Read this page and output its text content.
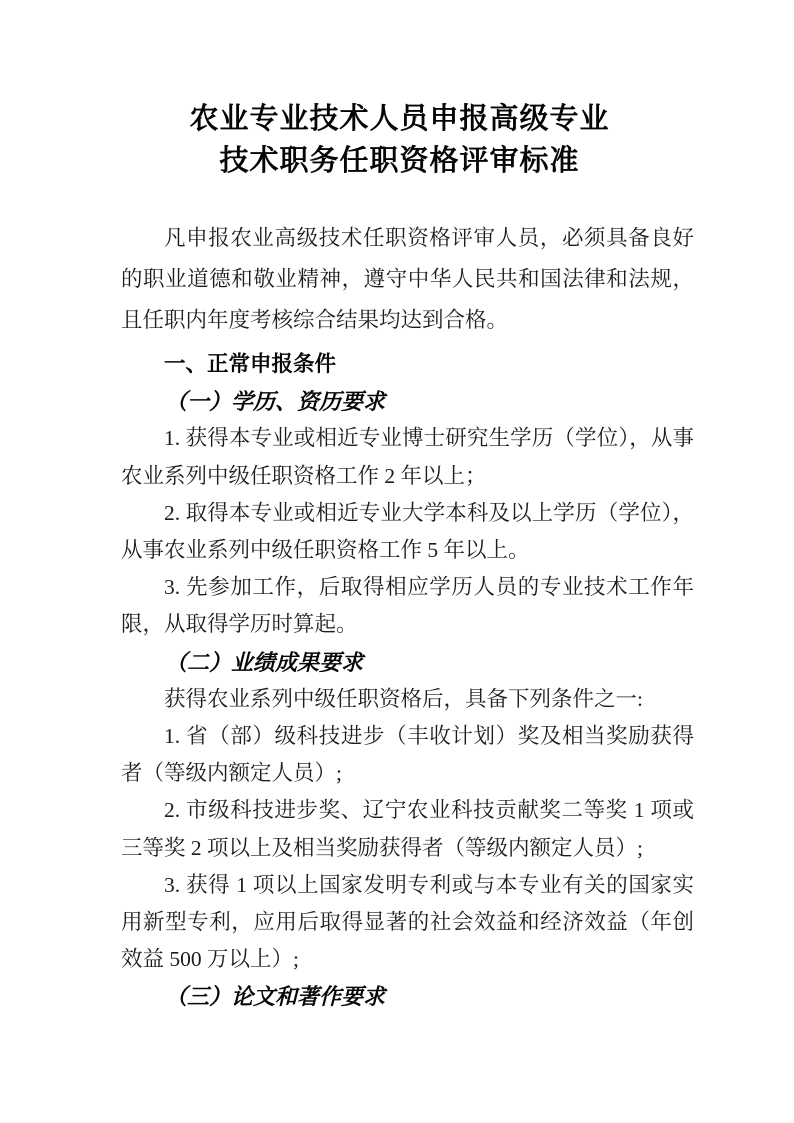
农业专业技术人员申报高级专业
技术职务任职资格评审标准
凡申报农业高级技术任职资格评审人员，必须具备良好的职业道德和敬业精神，遵守中华人民共和国法律和法规，且任职内年度考核综合结果均达到合格。
一、正常申报条件
（一）学历、资历要求
1. 获得本专业或相近专业博士研究生学历（学位），从事农业系列中级任职资格工作 2 年以上；
2. 取得本专业或相近专业大学本科及以上学历（学位），从事农业系列中级任职资格工作 5 年以上。
3. 先参加工作，后取得相应学历人员的专业技术工作年限，从取得学历时算起。
（二）业绩成果要求
获得农业系列中级任职资格后，具备下列条件之一:
1. 省（部）级科技进步（丰收计划）奖及相当奖励获得者（等级内额定人员）;
2. 市级科技进步奖、辽宁农业科技贡献奖二等奖 1 项或三等奖 2 项以上及相当奖励获得者（等级内额定人员）;
3. 获得 1 项以上国家发明专利或与本专业有关的国家实用新型专利，应用后取得显著的社会效益和经济效益（年创效益 500 万以上）;
（三）论文和著作要求
